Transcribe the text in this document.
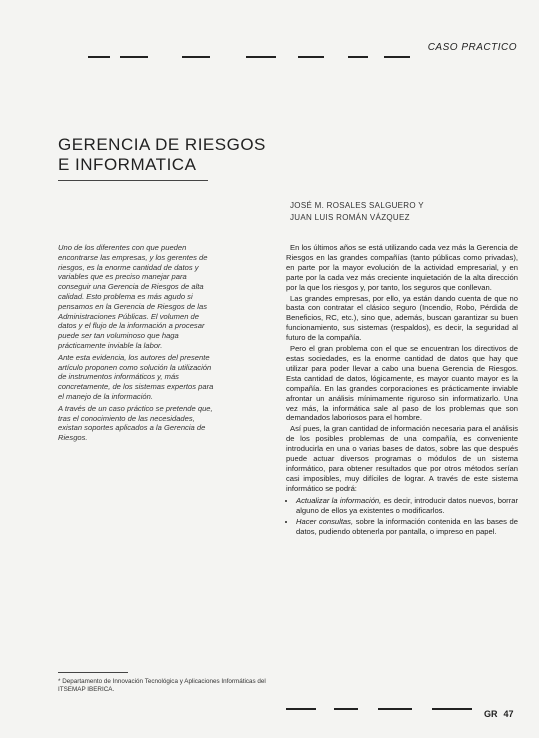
CASO PRACTICO
GERENCIA DE RIESGOS
E INFORMATICA
JOSÉ M. ROSALES SALGUERO Y
JUAN LUIS ROMÁN VÁZQUEZ

Uno de los diferentes con que pueden encontrarse las empresas, y los gerentes de riesgos, es la enorme cantidad de datos y variables que es preciso manejar para conseguir una Gerencia de Riesgos de alta calidad. Esto problema es más agudo si pensamos en la Gerencia de Riesgos de las Administraciones Públicas. El volumen de datos y el flujo de la información a procesar puede ser tan voluminoso que haga prácticamente inviable la labor.

Ante esta evidencia, los autores del presente artículo proponen como solución la utilización de instrumentos informáticos y, más concretamente, de los sistemas expertos para el manejo de la información.

A través de un caso práctico se pretende que, tras el conocimiento de las necesidades, existan soportes aplicados a la Gerencia de Riesgos.

En los últimos años se está utilizando cada vez más la Gerencia de Riesgos en las grandes compañías (tanto públicas como privadas), en parte por la mayor evolución de la actividad empresarial, y en parte por la cada vez más creciente inquietación de la alta dirección por la que los riesgos y, por tanto, los seguros que conllevan.

Las grandes empresas, por ello, ya están dando cuenta de que no basta con contratar el clásico seguro (Incendio, Robo, Pérdida de Beneficios, RC, etc.), sino que, además, buscan garantizar su buen funcionamiento, sus sistemas (respaldos), es decir, la seguridad al futuro de la compañía.

Pero el gran problema con el que se encuentran los directivos de estas sociedades, es la enorme cantidad de datos que hay que utilizar para poder llevar a cabo una buena Gerencia de Riesgos. Esta cantidad de datos, lógicamente, es mayor cuanto mayor es la compañía. En las grandes corporaciones es prácticamente inviable afrontar un análisis mínimamente riguroso sin informatizarlo. Una vez más, la informática sale al paso de los problemas que son demandados laboriosos para el hombre.

Así pues, la gran cantidad de información necesaria para el análisis de los posibles problemas de una compañía, es conveniente introducirla en una o varias bases de datos, sobre las que después puede actuar diversos programas o módulos de un sistema informático, para obtener resultados que por otros métodos serían casi imposibles, muy difíciles de lograr. A través de este sistema informático se podrá:

• Actualizar la información, es decir, introducir datos nuevos, borrar alguno de ellos ya existentes o modificarlos.
• Hacer consultas, sobre la información contenida en las bases de datos, pudiendo obtenerla por pantalla, o impreso en papel.
* Departamento de Innovación Tecnológica y Aplicaciones Informáticas del ITSEMAP IBERICA.
GR 47
